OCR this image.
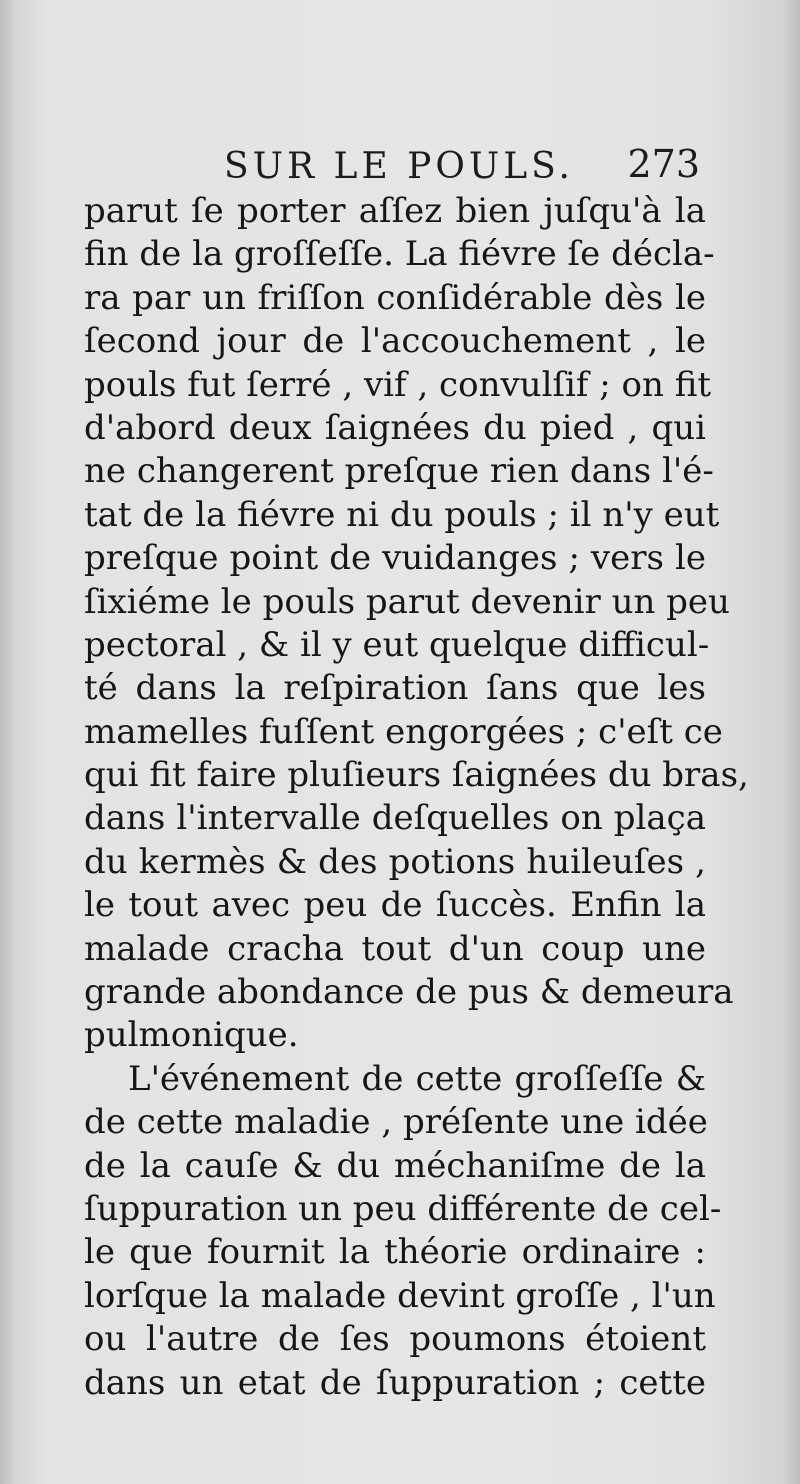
SUR LE POULS. 273
parut ſe porter aſſez bien juſqu'à la
fin de la groſſeſſe. La fiévre ſe décla-
ra par un friſſon conſidérable dès le
ſecond jour de l'accouchement , le
pouls fut ſerré , vif , convulſif ; on fit
d'abord deux ſaignées du pied , qui
ne changerent preſque rien dans l'é-
tat de la fiévre ni du pouls ; il n'y eut
preſque point de vuidanges ; vers le
ſixiéme le pouls parut devenir un peu
pectoral , & il y eut quelque difficul-
té dans la reſpiration ſans que les
mamelles fuſſent engorgées ; c'eſt ce
qui fit faire pluſieurs ſaignées du bras,
dans l'intervalle deſquelles on plaça
du kermès & des potions huileuſes ,
le tout avec peu de ſuccès. Enfin la
malade cracha tout d'un coup une
grande abondance de pus & demeura
pulmonique.
L'événement de cette groſſeſſe &
de cette maladie , préſente une idée
de la cauſe & du méchaniſme de la
ſuppuration un peu différente de cel-
le que fournit la théorie ordinaire :
lorſque la malade devint groſſe , l'un
ou l'autre de ſes poumons étoient
dans un etat de ſuppuration ; cette
